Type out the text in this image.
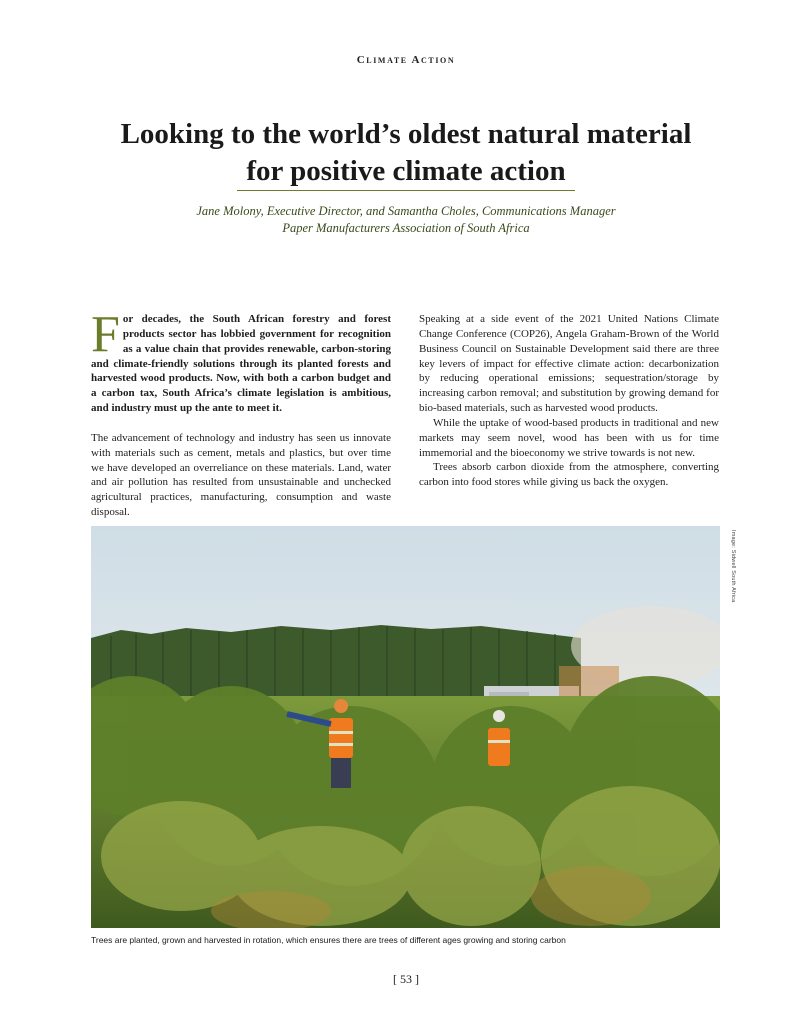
Climate Action
Looking to the world’s oldest natural material
for positive climate action
Jane Molony, Executive Director, and Samantha Choles, Communications Manager
Paper Manufacturers Association of South Africa

For decades, the South African forestry and forest products sector has lobbied government for recognition as a value chain that provides renewable, carbon-storing and climate-friendly solutions through its planted forests and harvested wood products. Now, with both a carbon budget and a carbon tax, South Africa’s climate legislation is ambitious, and industry must up the ante to meet it.

The advancement of technology and industry has seen us innovate with materials such as cement, metals and plastics, but over time we have developed an overreliance on these materials. Land, water and air pollution has resulted from unsustainable and unchecked agricultural practices, manufacturing, consumption and waste disposal.

Speaking at a side event of the 2021 United Nations Climate Change Conference (COP26), Angela Graham-Brown of the World Business Council on Sustainable Development said there are three key levers of impact for effective climate action: decarbonization by reducing operational emissions; sequestration/storage by increasing carbon removal; and substitution by growing demand for bio-based materials, such as harvested wood products.

While the uptake of wood-based products in traditional and new markets may seem novel, wood has been with us for time immemorial and the bioeconomy we strive towards is not new.

Trees absorb carbon dioxide from the atmosphere, converting carbon into food stores while giving us back the oxygen.

Image: Sidwell South Africa
Trees are planted, grown and harvested in rotation, which ensures there are trees of different ages growing and storing carbon
[ 53 ]
